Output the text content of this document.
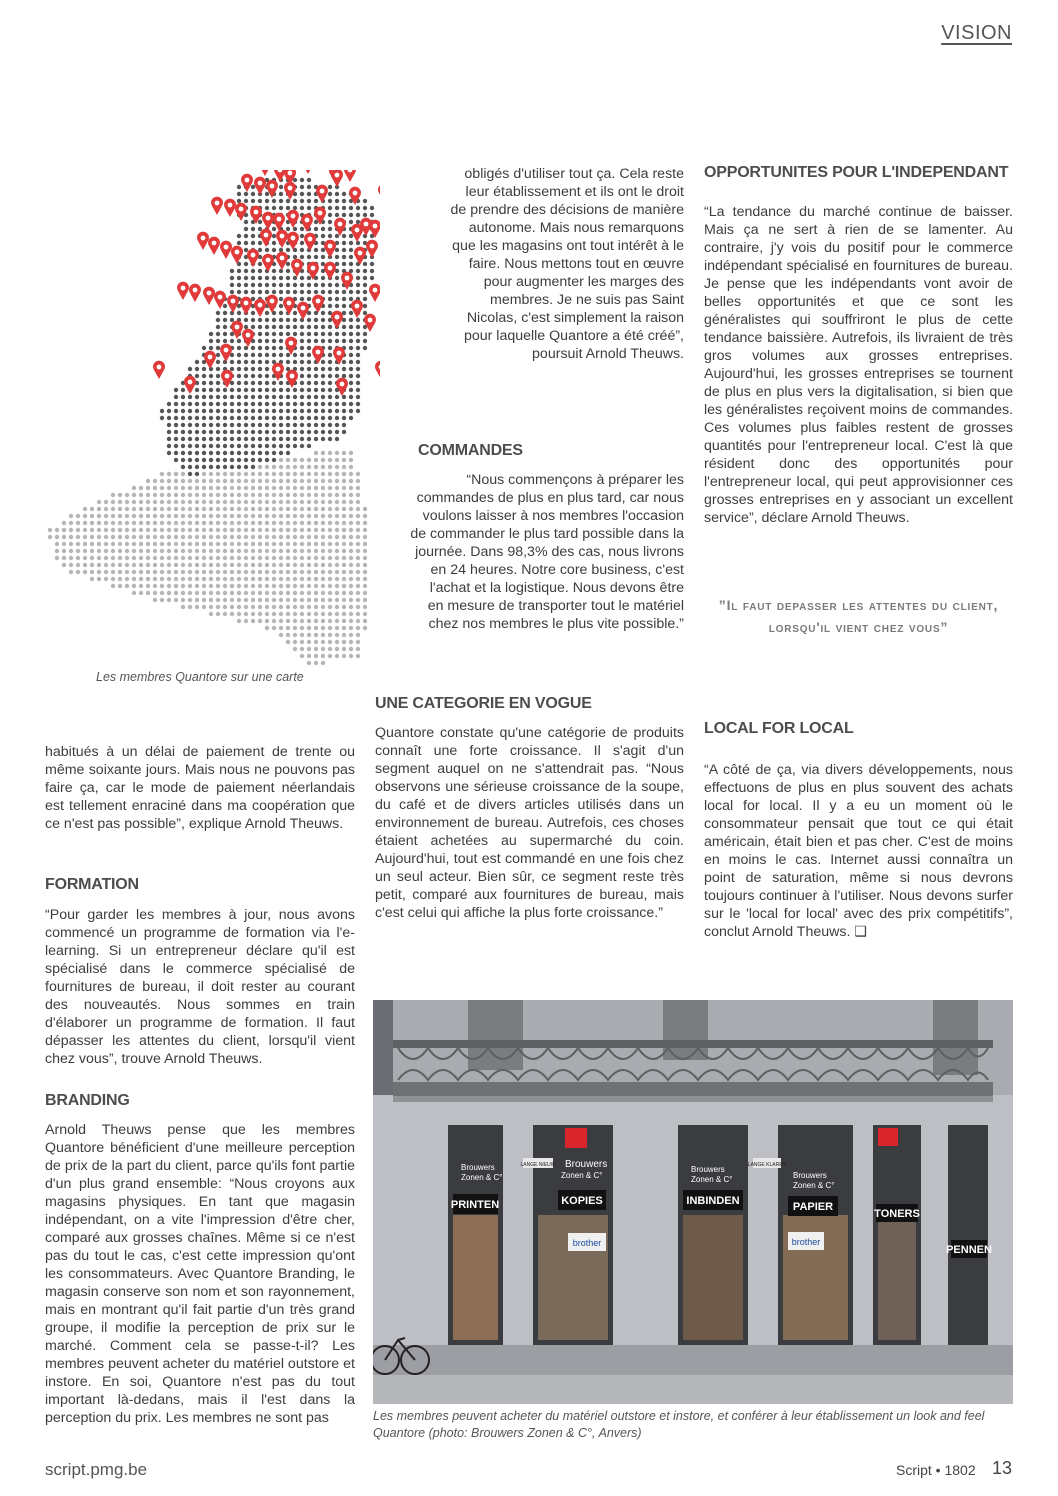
VISION
Les membres Quantore sur une carte

obligés d'utiliser tout ça. Cela reste leur établissement et ils ont le droit de prendre des décisions de manière autonome. Mais nous remarquons que les magasins ont tout intérêt à le faire. Nous mettons tout en œuvre pour augmenter les marges des membres. Je ne suis pas Saint Nicolas, c'est simplement la raison pour laquelle Quantore a été créé”, poursuit Arnold Theuws.

COMMANDES

“Nous commençons à préparer les commandes de plus en plus tard, car nous voulons laisser à nos membres l'occasion de commander le plus tard possible dans la journée. Dans 98,3% des cas, nous livrons en 24 heures. Notre core business, c'est l'achat et la logistique. Nous devons être en mesure de transporter tout le matériel chez nos membres le plus vite possible.”

UNE CATEGORIE EN VOGUE

Quantore constate qu'une catégorie de produits connaît une forte croissance. Il s'agit d'un segment auquel on ne s'attendrait pas. “Nous observons une sérieuse croissance de la soupe, du café et de divers articles utilisés dans un environnement de bureau. Autrefois, ces choses étaient achetées au supermarché du coin. Aujourd'hui, tout est commandé en une fois chez un seul acteur. Bien sûr, ce segment reste très petit, comparé aux fournitures de bureau, mais c'est celui qui affiche la plus forte croissance.”

OPPORTUNITES POUR L'INDEPENDANT

“La tendance du marché continue de baisser. Mais ça ne sert à rien de se lamenter. Au contraire, j'y vois du positif pour le commerce indépendant spécialisé en fournitures de bureau. Je pense que les indépendants vont avoir de belles opportunités et que ce sont les généralistes qui souffriront le plus de cette tendance baissière. Autrefois, ils livraient de très gros volumes aux grosses entreprises. Aujourd'hui, les grosses entreprises se tournent de plus en plus vers la digitalisation, si bien que les généralistes reçoivent moins de commandes. Ces volumes plus faibles restent de grosses quantités pour l'entrepreneur local. C'est là que résident donc des opportunités pour l'entrepreneur local, qui peut approvisionner ces grosses entreprises en y associant un excellent service”, déclare Arnold Theuws.

”Il faut depasser les attentes du client, lorsqu'il vient chez vous”
LOCAL FOR LOCAL

“A côté de ça, via divers développements, nous effectuons de plus en plus souvent des achats local for local. Il y a eu un moment où le consommateur pensait que tout ce qui était américain, était bien et pas cher. C'est de moins en moins le cas. Internet aussi connaîtra un point de saturation, même si nous devrons toujours continuer à l'utiliser. Nous devons surfer sur le 'local for local' avec des prix compétitifs”, conclut Arnold Theuws. ❑

habitués à un délai de paiement de trente ou même soixante jours. Mais nous ne pouvons pas faire ça, car le mode de paiement néerlandais est tellement enraciné dans ma coopération que ce n'est pas possible”, explique Arnold Theuws.

FORMATION

“Pour garder les membres à jour, nous avons commencé un programme de formation via l'e-learning. Si un entrepreneur déclare qu'il est spécialisé dans le commerce spécialisé de fournitures de bureau, il doit rester au courant des nouveautés. Nous sommes en train d'élaborer un programme de formation. Il faut dépasser les attentes du client, lorsqu'il vient chez vous”, trouve Arnold Theuws.

BRANDING

Arnold Theuws pense que les membres Quantore bénéficient d'une meilleure perception de prix de la part du client, parce qu'ils font partie d'un plus grand ensemble: “Nous croyons aux magasins physiques. En tant que magasin indépendant, on a vite l'impression d'être cher, comparé aux grosses chaînes. Même si ce n'est pas du tout le cas, c'est cette impression qu'ont les consommateurs. Avec Quantore Branding, le magasin conserve son nom et son rayonnement, mais en montrant qu'il fait partie d'un très grand groupe, il modifie la perception de prix sur le marché. Comment cela se passe-t-il? Les membres peuvent acheter du matériel outstore et instore. En soi, Quantore n'est pas du tout important là-dedans, mais il l'est dans la perception du prix. Les membres ne sont pas

PRINTEN	KOPIES	INBINDEN	PAPIER
TONERS
PENNEN
Brouwers
Zonen & C°
Brouwers
Zonen & C°
Brouwers
Zonen & C°	Brouwers
Zonen & C°
brother	brother
LANGE NIEUW	LANGE KLAREN
Les membres peuvent acheter du matériel outstore et instore, et conférer à leur établissement un look and feel Quantore (photo: Brouwers Zonen & C°, Anvers)
script.pmg.be	Script • 1802 13
